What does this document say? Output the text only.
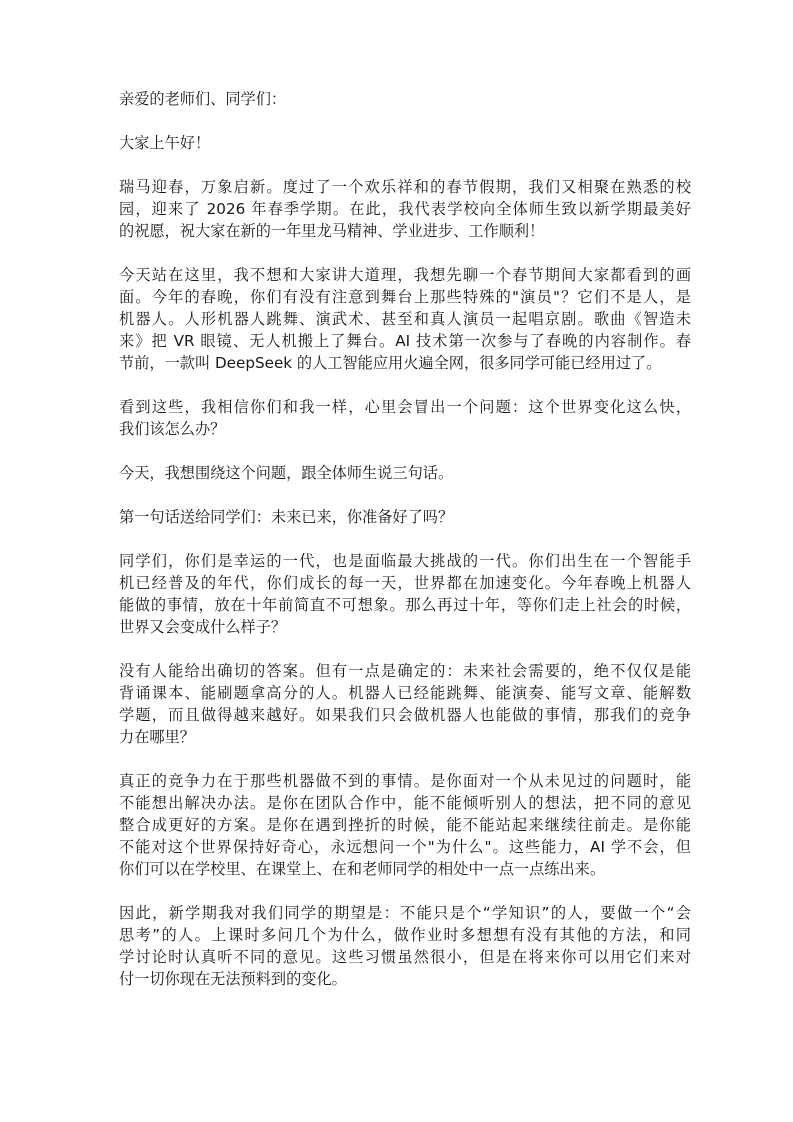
亲爱的老师们、同学们：
大家上午好！
瑞马迎春，万象启新。度过了一个欢乐祥和的春节假期，我们又相聚在熟悉的校
园，迎来了 2026 年春季学期。在此，我代表学校向全体师生致以新学期最美好
的祝愿，祝大家在新的一年里龙马精神、学业进步、工作顺利！
今天站在这里，我不想和大家讲大道理，我想先聊一个春节期间大家都看到的画
面。今年的春晚，你们有没有注意到舞台上那些特殊的"演员"？它们不是人，是
机器人。人形机器人跳舞、演武术、甚至和真人演员一起唱京剧。歌曲《智造未
来》把 VR 眼镜、无人机搬上了舞台。AI 技术第一次参与了春晚的内容制作。春
节前，一款叫 DeepSeek 的人工智能应用火遍全网，很多同学可能已经用过了。
看到这些，我相信你们和我一样，心里会冒出一个问题：这个世界变化这么快，
我们该怎么办？
今天，我想围绕这个问题，跟全体师生说三句话。
第一句话送给同学们：未来已来，你准备好了吗？
同学们，你们是幸运的一代，也是面临最大挑战的一代。你们出生在一个智能手
机已经普及的年代，你们成长的每一天，世界都在加速变化。今年春晚上机器人
能做的事情，放在十年前简直不可想象。那么再过十年，等你们走上社会的时候，
世界又会变成什么样子？
没有人能给出确切的答案。但有一点是确定的：未来社会需要的，绝不仅仅是能
背诵课本、能刷题拿高分的人。机器人已经能跳舞、能演奏、能写文章、能解数
学题，而且做得越来越好。如果我们只会做机器人也能做的事情，那我们的竞争
力在哪里？
真正的竞争力在于那些机器做不到的事情。是你面对一个从未见过的问题时，能
不能想出解决办法。是你在团队合作中，能不能倾听别人的想法，把不同的意见
整合成更好的方案。是你在遇到挫折的时候，能不能站起来继续往前走。是你能
不能对这个世界保持好奇心，永远想问一个"为什么"。这些能力，AI 学不会，但
你们可以在学校里、在课堂上、在和老师同学的相处中一点一点练出来。
因此，新学期我对我们同学的期望是：不能只是个“学知识”的人，要做一个“会
思考”的人。上课时多问几个为什么，做作业时多想想有没有其他的方法，和同
学讨论时认真听不同的意见。这些习惯虽然很小，但是在将来你可以用它们来对
付一切你现在无法预料到的变化。
